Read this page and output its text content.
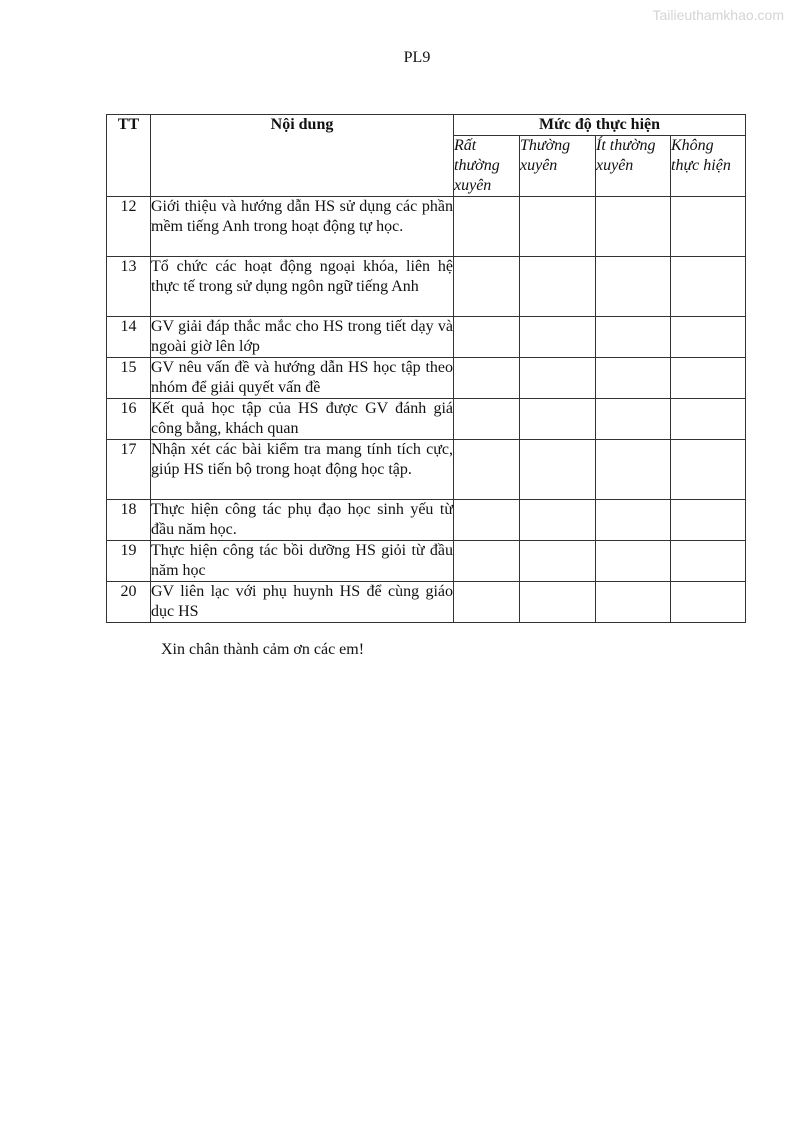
Tailieuthamkhao.com
PL9
TT	Nội dung	Mức độ thực hiện			
		Rất thường xuyên	Thường xuyên	Ít thường xuyên	Không thực hiện
12	Giới thiệu và hướng dẫn HS sử dụng các phần mềm tiếng Anh trong hoạt động tự học.				
13	Tổ chức các hoạt động ngoại khóa, liên hệ thực tế trong sử dụng ngôn ngữ tiếng Anh				
14	GV giải đáp thắc mắc cho HS trong tiết dạy và ngoài giờ lên lớp				
15	GV nêu vấn đề và hướng dẫn HS học tập theo nhóm để giải quyết vấn đề				
16	Kết quả học tập của HS được GV đánh giá công bằng, khách quan				
17	Nhận xét các bài kiểm tra mang tính tích cực, giúp HS tiến bộ trong hoạt động học tập.				
18	Thực hiện công tác phụ đạo học sinh yếu từ đầu năm học.				
19	Thực hiện công tác bồi dưỡng HS giỏi từ đầu năm học				
20	GV liên lạc với phụ huynh HS để cùng giáo dục HS				
Xin chân thành cảm ơn các em!
